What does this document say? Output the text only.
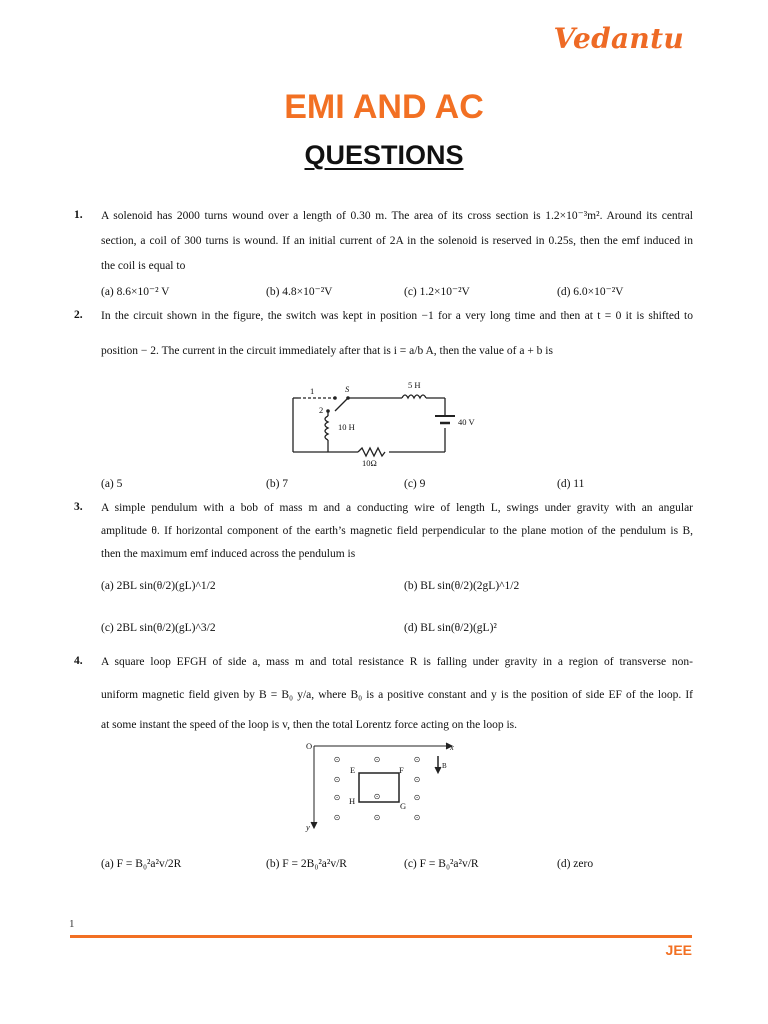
Vedantu
EMI AND AC
QUESTIONS
1. A solenoid has 2000 turns wound over a length of 0.30 m. The area of its cross section is 1.2×10⁻³m². Around its central
section, a coil of 300 turns is wound. If an initial current of 2A in the solenoid is reserved in 0.25s, then the emf induced in
the coil is equal to
(a) 8.6×10⁻² V	(b) 4.8×10⁻²V	(c) 1.2×10⁻²V	(d) 6.0×10⁻²V
2. In the circuit shown in the figure, the switch was kept in position −1 for a very long time and then at t = 0 it is shifted to
position − 2. The current in the circuit immediately after that is i = a/b A, then the value of a + b is
1
2
S	5 H
10 H	40 V
10Ω
(a) 5	(b) 7	(c) 9	(d) 11
3. A simple pendulum with a bob of mass m and a conducting wire of length L, swings under gravity with an angular
amplitude θ. If horizontal component of the earth’s magnetic field perpendicular to the plane motion of the pendulum is B,
then the maximum emf induced across the pendulum is
(a) 2BL sin(θ/2)(gL)^1/2	(b) BL sin(θ/2)(2gL)^1/2
(c) 2BL sin(θ/2)(gL)^3/2	(d) BL sin(θ/2)(gL)²
4. A square loop EFGH of side a, mass m and total resistance R is falling under gravity in a region of transverse non-
uniform magnetic field given by B = B₀ y/a, where B₀ is a positive constant and y is the position of side EF of the loop. If
at some instant the speed of the loop is v, then the total Lorentz force acting on the loop is.
⊙	⊙	⊙
⊙	⊙
⊙	⊙	⊙
⊙	⊙	⊙
O	x
y
B
E	F
G
H
(a) F = B₀²a²v/2R	(b) F = 2B₀²a²v/R	(c) F = B₀²a²v/R	(d) zero
1
JEE
